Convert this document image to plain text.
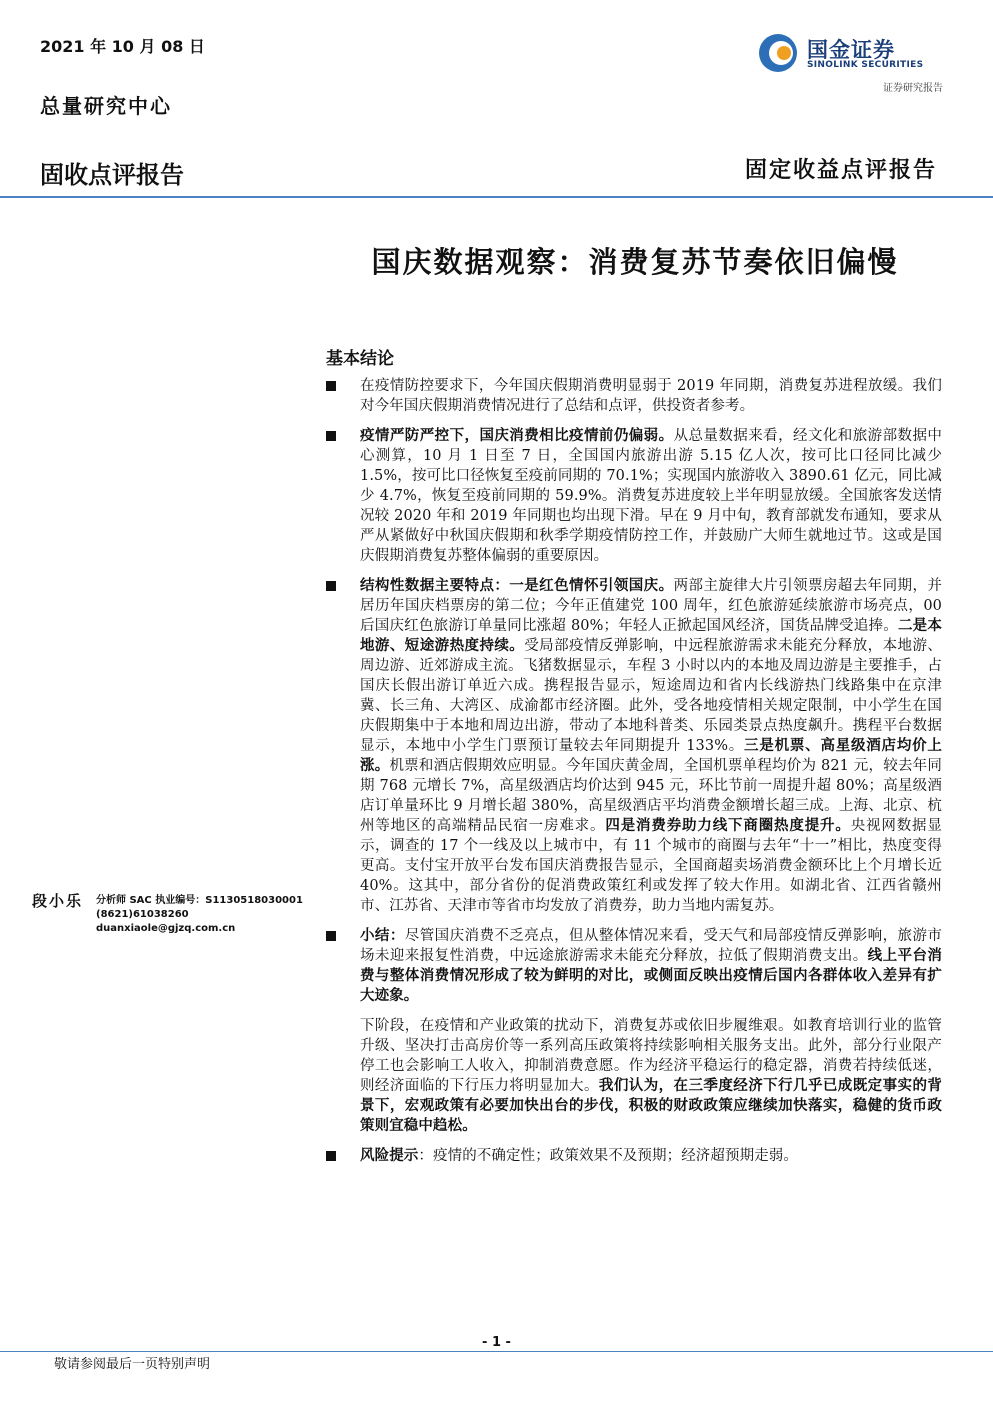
2021 年 10 月 08 日
总量研究中心
固收点评报告	固定收益点评报告
国金证券
SINOLINK SECURITIES
证券研究报告
国庆数据观察：消费复苏节奏依旧偏慢
基本结论
在疫情防控要求下，今年国庆假期消费明显弱于 2019 年同期，消费复苏进程放缓。我们对今年国庆假期消费情况进行了总结和点评，供投资者参考。
疫情严防严控下，国庆消费相比疫情前仍偏弱。从总量数据来看，经文化和旅游部数据中心测算，10 月 1 日至 7 日，全国国内旅游出游 5.15 亿人次，按可比口径同比减少 1.5%，按可比口径恢复至疫前同期的 70.1%；实现国内旅游收入 3890.61 亿元，同比减少 4.7%，恢复至疫前同期的 59.9%。消费复苏进度较上半年明显放缓。全国旅客发送情况较 2020 年和 2019 年同期也均出现下滑。早在 9 月中旬，教育部就发布通知，要求从严从紧做好中秋国庆假期和秋季学期疫情防控工作，并鼓励广大师生就地过节。这或是国庆假期消费复苏整体偏弱的重要原因。
结构性数据主要特点：一是红色情怀引领国庆。两部主旋律大片引领票房超去年同期，并居历年国庆档票房的第二位；今年正值建党 100 周年，红色旅游延续旅游市场亮点，00 后国庆红色旅游订单量同比涨超 80%；年轻人正掀起国风经济，国货品牌受追捧。二是本地游、短途游热度持续。受局部疫情反弹影响，中远程旅游需求未能充分释放，本地游、周边游、近郊游成主流。飞猪数据显示，车程 3 小时以内的本地及周边游是主要推手，占国庆长假出游订单近六成。携程报告显示，短途周边和省内长线游热门线路集中在京津冀、长三角、大湾区、成渝都市经济圈。此外，受各地疫情相关规定限制，中小学生在国庆假期集中于本地和周边出游，带动了本地科普类、乐园类景点热度飙升。携程平台数据显示，本地中小学生门票预订量较去年同期提升 133%。三是机票、高星级酒店均价上涨。机票和酒店假期效应明显。今年国庆黄金周，全国机票单程均价为 821 元，较去年同期 768 元增长 7%，高星级酒店均价达到 945 元，环比节前一周提升超 80%；高星级酒店订单量环比 9 月增长超 380%，高星级酒店平均消费金额增长超三成。上海、北京、杭州等地区的高端精品民宿一房难求。四是消费券助力线下商圈热度提升。央视网数据显示，调查的 17 个一线及以上城市中，有 11 个城市的商圈与去年“十一”相比，热度变得更高。支付宝开放平台发布国庆消费报告显示，全国商超卖场消费金额环比上个月增长近 40%。这其中，部分省份的促消费政策红利或发挥了较大作用。如湖北省、江西省赣州市、江苏省、天津市等省市均发放了消费券，助力当地内需复苏。
小结：尽管国庆消费不乏亮点，但从整体情况来看，受天气和局部疫情反弹影响，旅游市场未迎来报复性消费，中远途旅游需求未能充分释放，拉低了假期消费支出。线上平台消费与整体消费情况形成了较为鲜明的对比，或侧面反映出疫情后国内各群体收入差异有扩大迹象。
下阶段，在疫情和产业政策的扰动下，消费复苏或依旧步履维艰。如教育培训行业的监管升级、坚决打击高房价等一系列高压政策将持续影响相关服务支出。此外，部分行业限产停工也会影响工人收入，抑制消费意愿。作为经济平稳运行的稳定器，消费若持续低迷，则经济面临的下行压力将明显加大。我们认为，在三季度经济下行几乎已成既定事实的背景下，宏观政策有必要加快出台的步伐，积极的财政政策应继续加快落实，稳健的货币政策则宜稳中趋松。
风险提示：疫情的不确定性；政策效果不及预期；经济超预期走弱。
段小乐 分析师 SAC 执业编号：S1130518030001
(8621)61038260
duanxiaole@gjzq.com.cn
- 1 -
敬请参阅最后一页特别声明
